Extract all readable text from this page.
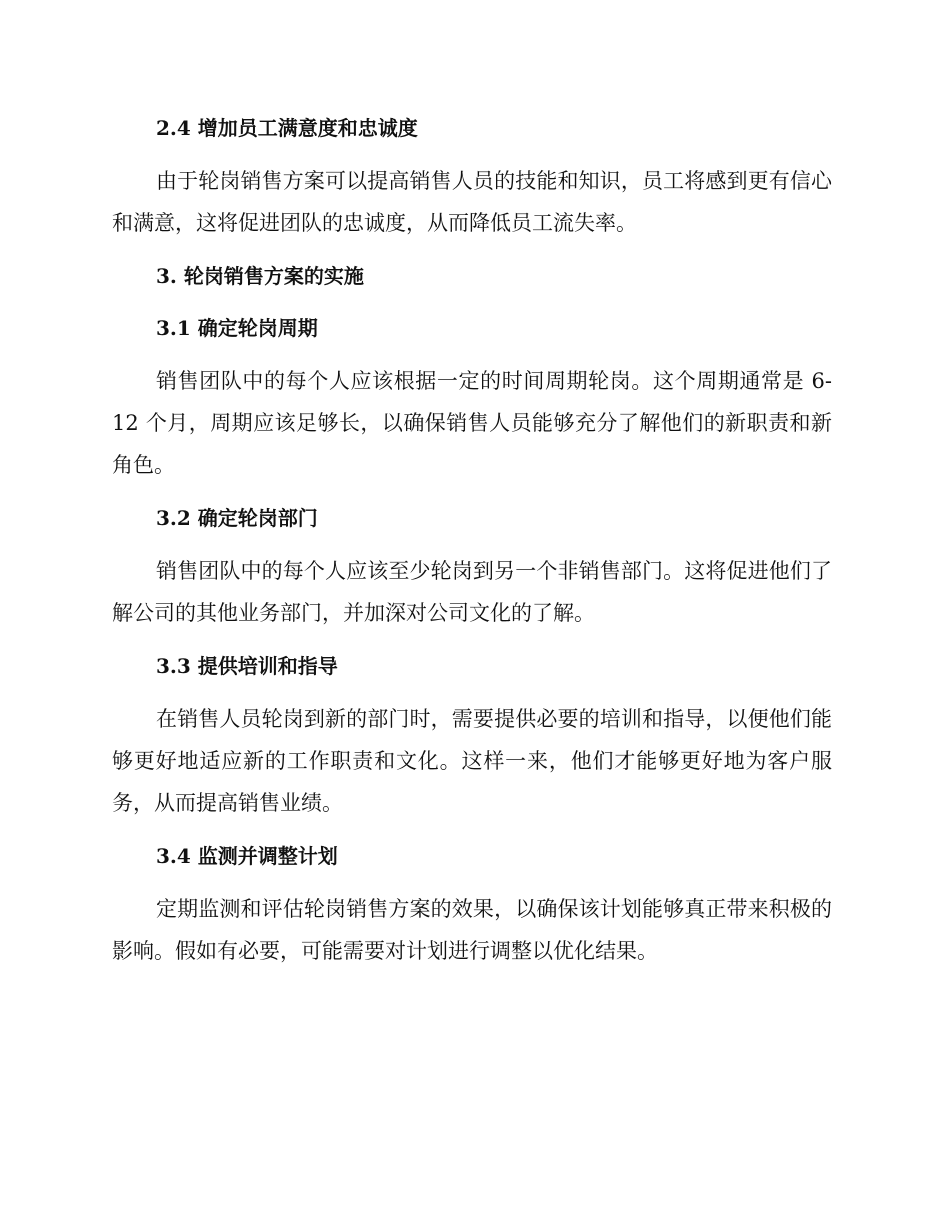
2.4 增加员工满意度和忠诚度

由于轮岗销售方案可以提高销售人员的技能和知识，员工将感到更有信心和满意，这将促进团队的忠诚度，从而降低员工流失率。

3. 轮岗销售方案的实施
3.1 确定轮岗周期

销售团队中的每个人应该根据一定的时间周期轮岗。这个周期通常是 6-12 个月，周期应该足够长，以确保销售人员能够充分了解他们的新职责和新角色。

3.2 确定轮岗部门

销售团队中的每个人应该至少轮岗到另一个非销售部门。这将促进他们了解公司的其他业务部门，并加深对公司文化的了解。

3.3 提供培训和指导

在销售人员轮岗到新的部门时，需要提供必要的培训和指导，以便他们能够更好地适应新的工作职责和文化。这样一来，他们才能够更好地为客户服务，从而提高销售业绩。

3.4 监测并调整计划

定期监测和评估轮岗销售方案的效果，以确保该计划能够真正带来积极的影响。假如有必要，可能需要对计划进行调整以优化结果。
